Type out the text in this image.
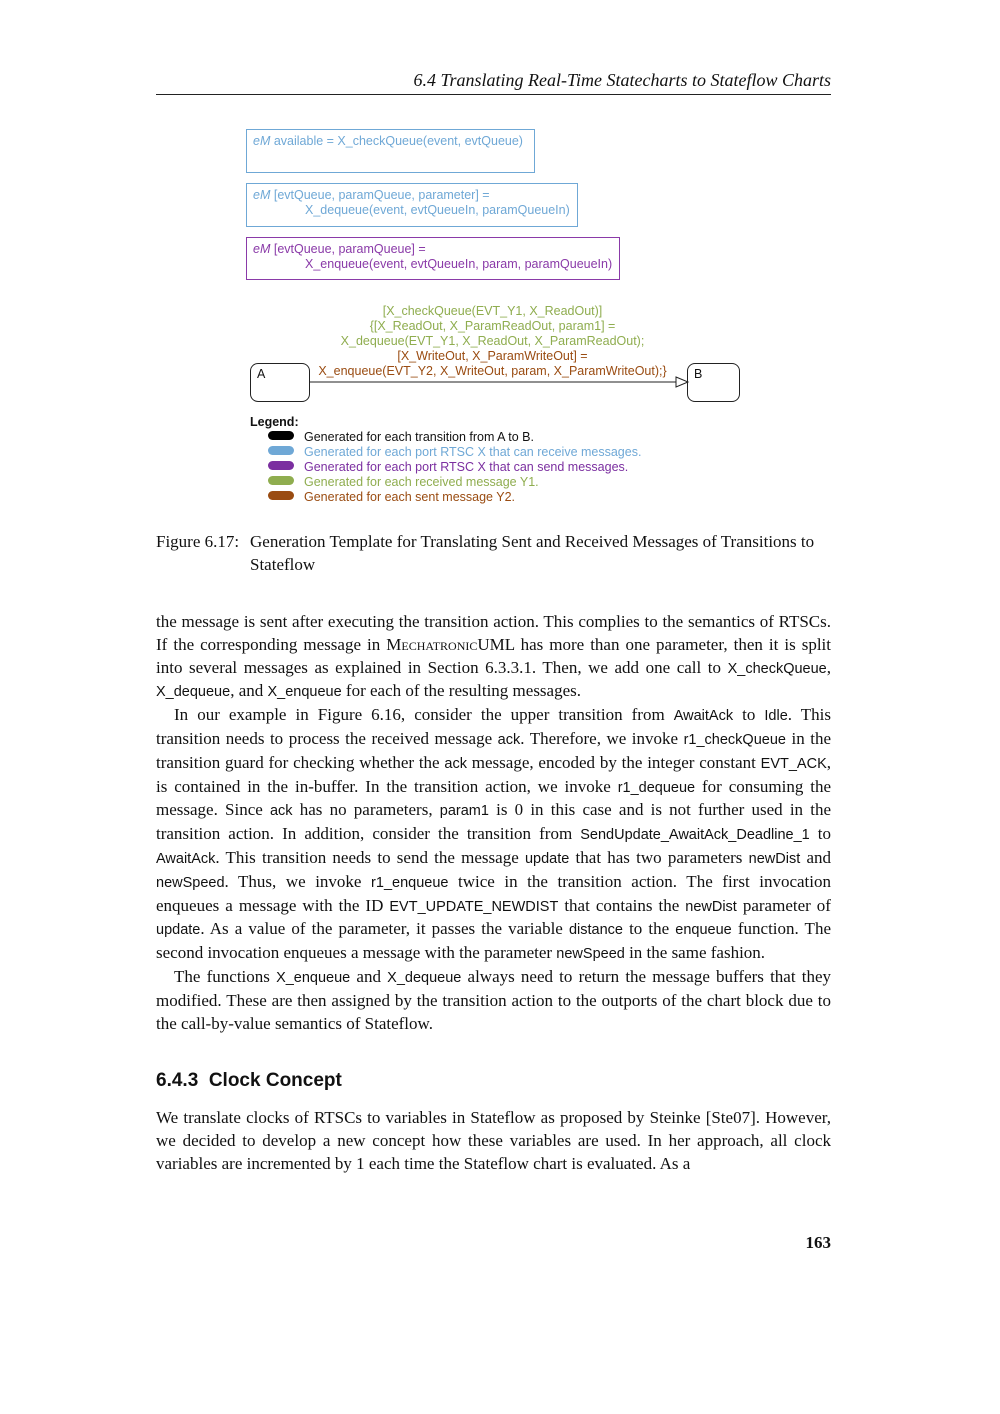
6.4 Translating Real-Time Statecharts to Stateflow Charts
eM available = X_checkQueue(event, evtQueue)
eM [evtQueue, paramQueue, parameter] =
X_dequeue(event, evtQueueIn, paramQueueIn)
eM [evtQueue, paramQueue] =
X_enqueue(event, evtQueueIn, param, paramQueueIn)
[X_checkQueue(EVT_Y1, X_ReadOut)]
{[X_ReadOut, X_ParamReadOut, param1] =
X_dequeue(EVT_Y1, X_ReadOut, X_ParamReadOut);
[X_WriteOut, X_ParamWriteOut] =
X_enqueue(EVT_Y2, X_WriteOut, param, X_ParamWriteOut);}
A	B
Legend:
Generated for each transition from A to B.
Generated for each port RTSC X that can receive messages.
Generated for each port RTSC X that can send messages.
Generated for each received message Y1.
Generated for each sent message Y2.
Figure 6.17: Generation Template for Translating Sent and Received Messages of Transitions to Stateflow

the message is sent after executing the transition action. This complies to the semantics of RTSCs. If the corresponding message in MechatronicUML has more than one parameter, then it is split into several messages as explained in Section 6.3.3.1. Then, we add one call to X_checkQueue, X_dequeue, and X_enqueue for each of the resulting messages.

In our example in Figure 6.16, consider the upper transition from AwaitAck to Idle. This transition needs to process the received message ack. Therefore, we invoke r1_checkQueue in the transition guard for checking whether the ack message, encoded by the integer constant EVT_ACK, is contained in the in-buffer. In the transition action, we invoke r1_dequeue for consuming the message. Since ack has no parameters, param1 is 0 in this case and is not further used in the transition action. In addition, consider the transition from SendUpdate_AwaitAck_Deadline_1 to AwaitAck. This transition needs to send the message update that has two parameters newDist and newSpeed. Thus, we invoke r1_enqueue twice in the transition action. The first invocation enqueues a message with the ID EVT_UPDATE_NEWDIST that contains the newDist parameter of update. As a value of the parameter, it passes the variable distance to the enqueue function. The second invocation enqueues a message with the parameter newSpeed in the same fashion.

The functions X_enqueue and X_dequeue always need to return the message buffers that they modified. These are then assigned by the transition action to the outports of the chart block due to the call-by-value semantics of Stateflow.

6.4.3 Clock Concept

We translate clocks of RTSCs to variables in Stateflow as proposed by Steinke [Ste07]. However, we decided to develop a new concept how these variables are used. In her approach, all clock variables are incremented by 1 each time the Stateflow chart is evaluated. As a

163
